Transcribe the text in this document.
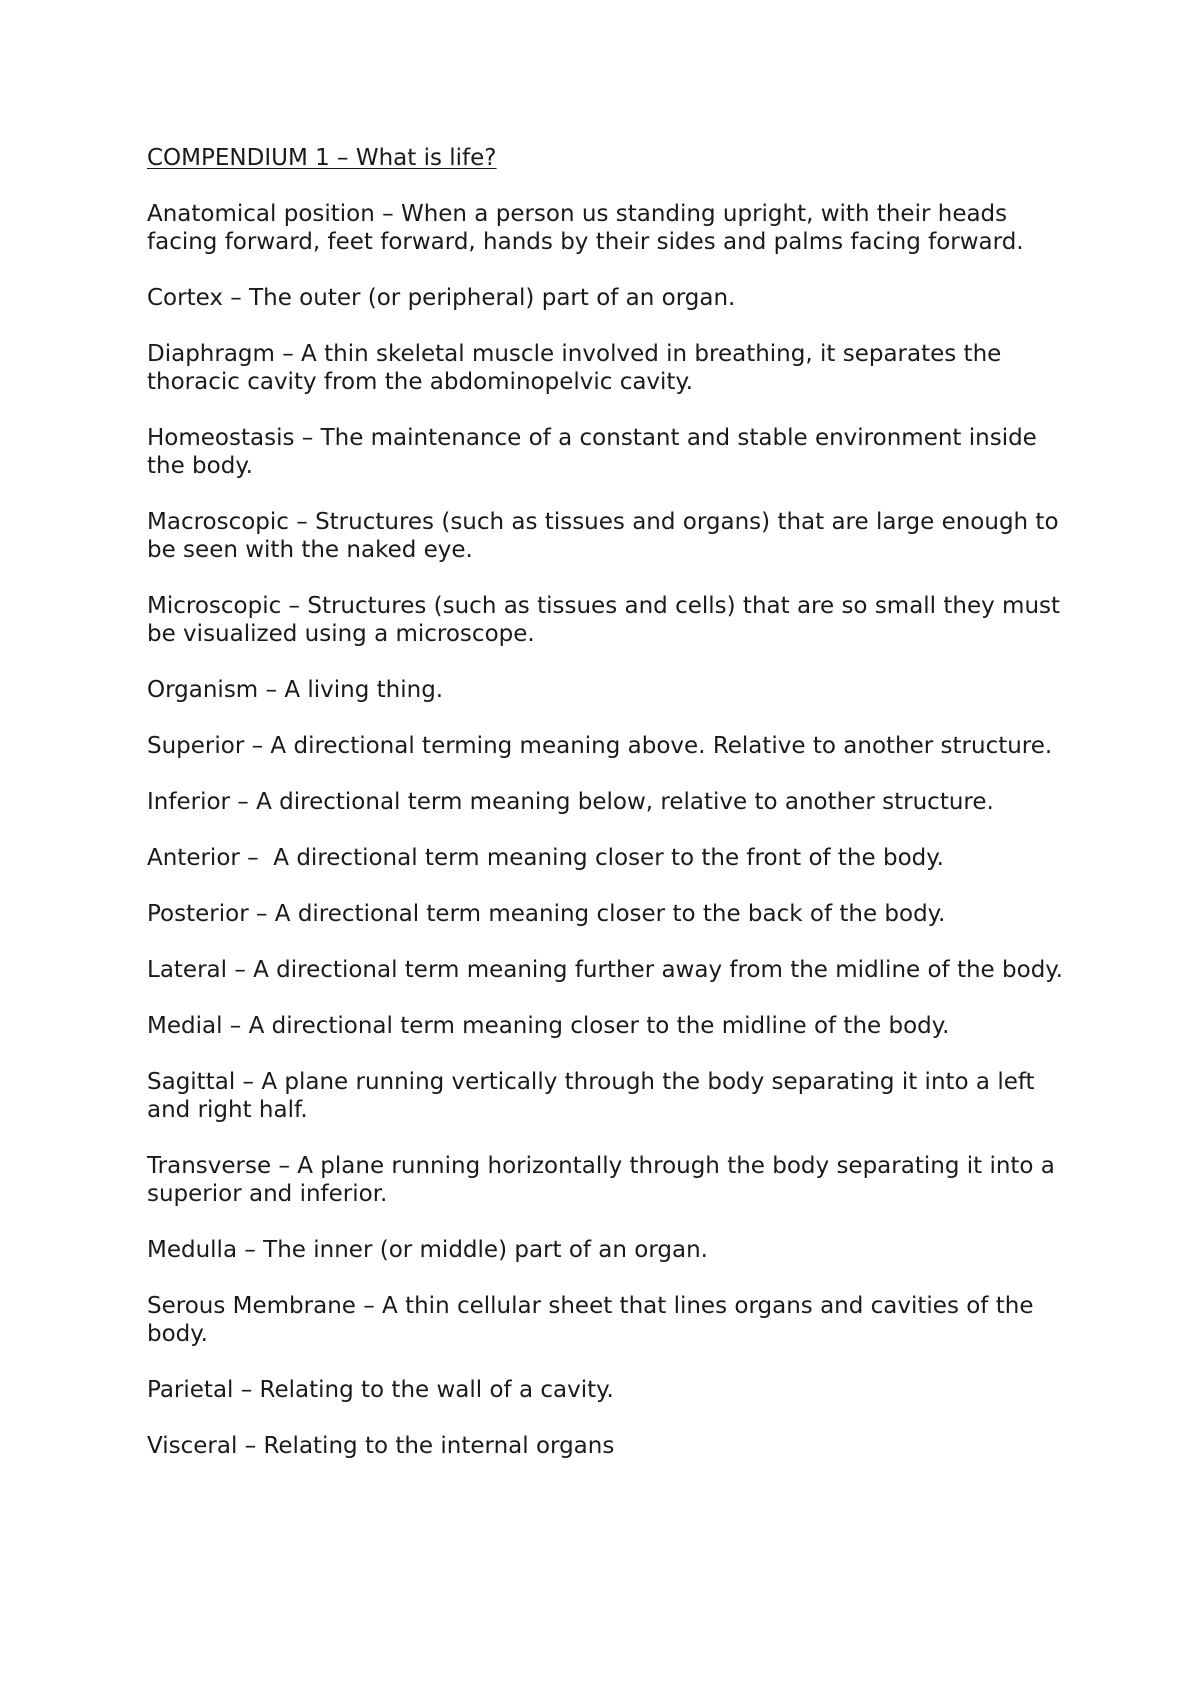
COMPENDIUM 1 – What is life?

Anatomical position – When a person us standing upright, with their heads facing forward, feet forward, hands by their sides and palms facing forward.

Cortex – The outer (or peripheral) part of an organ.

Diaphragm – A thin skeletal muscle involved in breathing, it separates the thoracic cavity from the abdominopelvic cavity.

Homeostasis – The maintenance of a constant and stable environment inside the body.

Macroscopic – Structures (such as tissues and organs) that are large enough to be seen with the naked eye.

Microscopic – Structures (such as tissues and cells) that are so small they must be visualized using a microscope.

Organism – A living thing.

Superior – A directional terming meaning above. Relative to another structure.

Inferior – A directional term meaning below, relative to another structure.

Anterior –  A directional term meaning closer to the front of the body.

Posterior – A directional term meaning closer to the back of the body.

Lateral – A directional term meaning further away from the midline of the body.

Medial – A directional term meaning closer to the midline of the body.

Sagittal – A plane running vertically through the body separating it into a left and right half.

Transverse – A plane running horizontally through the body separating it into a superior and inferior.

Medulla – The inner (or middle) part of an organ.

Serous Membrane – A thin cellular sheet that lines organs and cavities of the body.

Parietal – Relating to the wall of a cavity.

Visceral – Relating to the internal organs
